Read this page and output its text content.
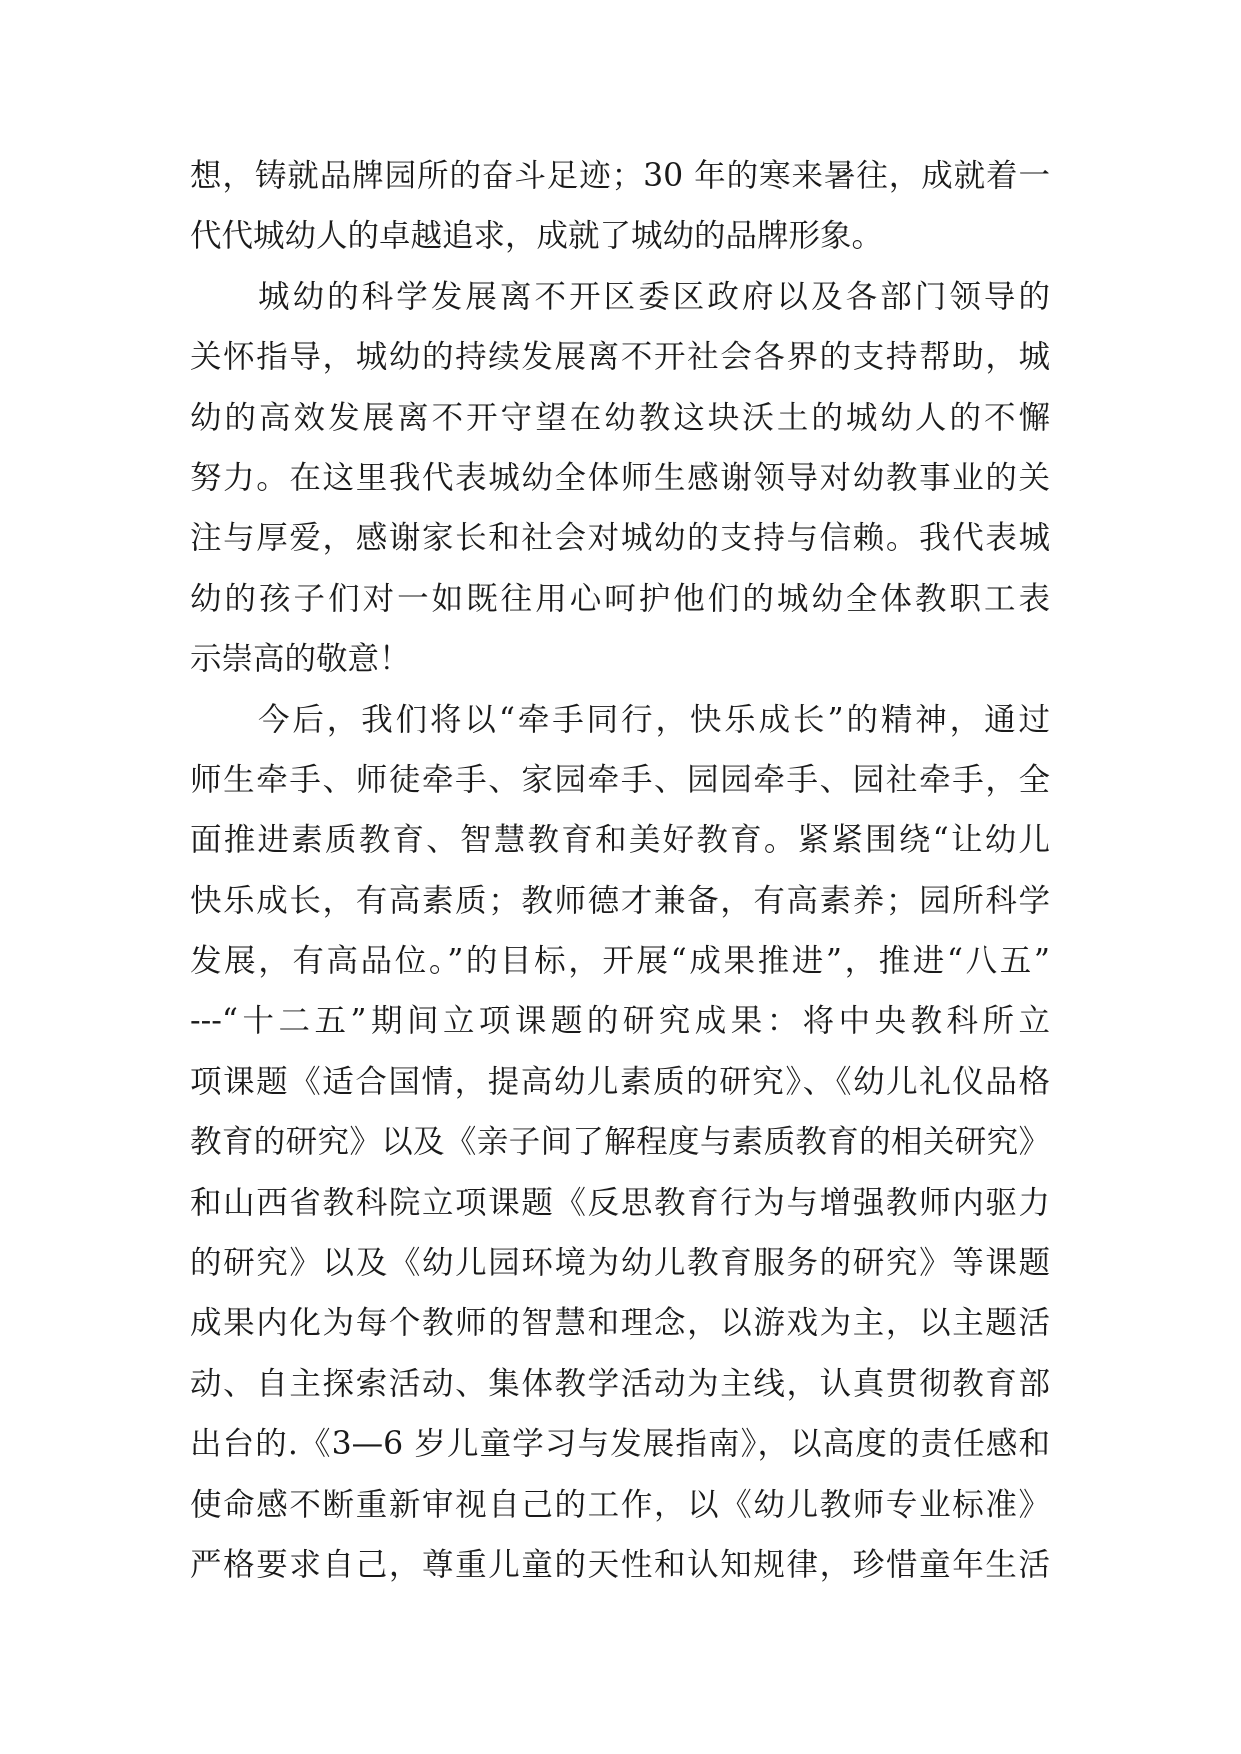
想，铸就品牌园所的奋斗足迹；30 年的寒来暑往，成就着一
代代城幼人的卓越追求，成就了城幼的品牌形象。
城幼的科学发展离不开区委区政府以及各部门领导的
关怀指导，城幼的持续发展离不开社会各界的支持帮助，城
幼的高效发展离不开守望在幼教这块沃土的城幼人的不懈
努力。在这里我代表城幼全体师生感谢领导对幼教事业的关
注与厚爱，感谢家长和社会对城幼的支持与信赖。我代表城
幼的孩子们对一如既往用心呵护他们的城幼全体教职工表
示崇高的敬意！
今后，我们将以“牵手同行，快乐成长”的精神，通过
师生牵手、师徒牵手、家园牵手、园园牵手、园社牵手，全
面推进素质教育、智慧教育和美好教育。紧紧围绕“让幼儿
快乐成长，有高素质；教师德才兼备，有高素养；园所科学
发展，有高品位。”的目标，开展“成果推进”，推进“八五”
---“十二五”期间立项课题的研究成果：将中央教科所立
项课题《适合国情，提高幼儿素质的研究》、《幼儿礼仪品格
教育的研究》以及《亲子间了解程度与素质教育的相关研究》
和山西省教科院立项课题《反思教育行为与增强教师内驱力
的研究》以及《幼儿园环境为幼儿教育服务的研究》等课题
成果内化为每个教师的智慧和理念，以游戏为主，以主题活
动、自主探索活动、集体教学活动为主线，认真贯彻教育部
出台的.《3—6 岁儿童学习与发展指南》，以高度的责任感和
使命感不断重新审视自己的工作，以《幼儿教师专业标准》
严格要求自己，尊重儿童的天性和认知规律，珍惜童年生活
